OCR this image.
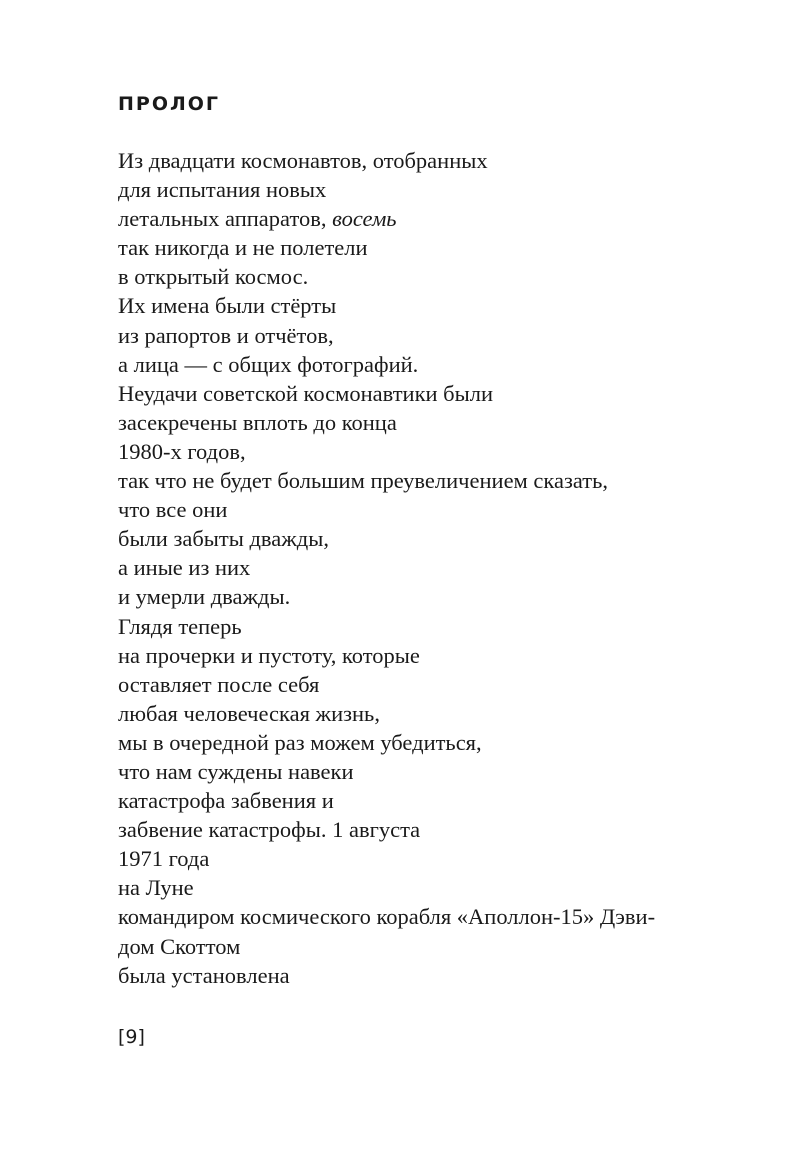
ПРОЛОГ
Из двадцати космонавтов, отобранных
для испытания новых
летальных аппаратов, восемь
так никогда и не полетели
в открытый космос.
Их имена были стёрты
из рапортов и отчётов,
а лица — с общих фотографий.
Неудачи советской космонавтики были
засекречены вплоть до конца
1980-х годов,
так что не будет большим преувеличением сказать,
что все они
были забыты дважды,
а иные из них
и умерли дважды.
Глядя теперь
на прочерки и пустоту, которые
оставляет после себя
любая человеческая жизнь,
мы в очередной раз можем убедиться,
что нам суждены навеки
катастрофа забвения и
забвение катастрофы. 1 августа
1971 года
на Луне
командиром космического корабля «Аполлон-15» Дэви-
дом Скоттом
была установлена
[9]
